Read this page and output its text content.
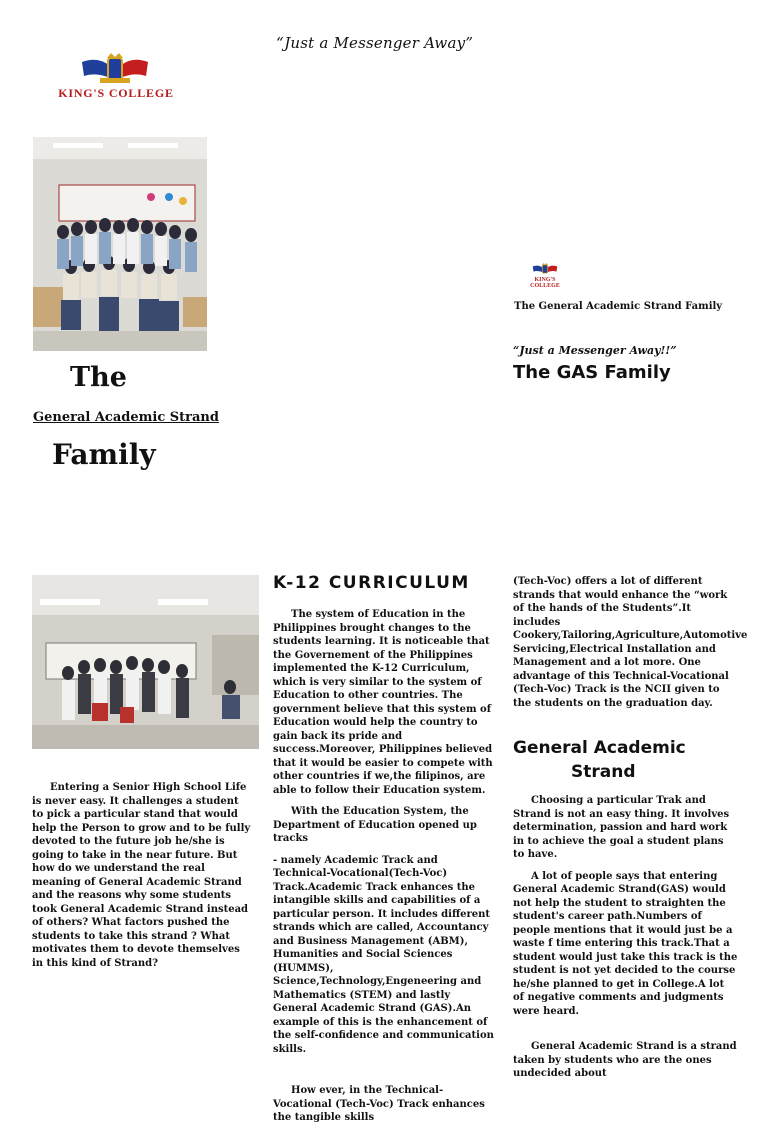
“Just a Messenger Away”
KING'S COLLEGE
The
General Academic Strand
Family
KING'S COLLEGE
The General Academic Strand Family
“Just a Messenger Away!!”
The GAS Family

Entering a Senior High School Life is never easy. It challenges a student to pick a particular stand that would help the Person to grow and to be fully devoted to the future job he/she is going to take in the near future. But how do we understand the real meaning of General Academic Strand and the reasons why some students took General Academic Strand instead of others? What factors pushed the students to take this strand ? What motivates them to devote themselves in this kind of Strand?

K-12 CURRICULUM

The system of Education in the Philippines brought changes to the students learning. It is noticeable that the Governement of the Philippines implemented the K-12 Curriculum, which is very similar to the system of Education to other countries. The government believe that this system of Education would help the country to gain back its pride and success.Moreover, Philippines believed that it would be easier to compete with other countries if we,the filipinos, are able to follow their Education system.

With the Education System, the Department of Education opened up tracks

- namely Academic Track and Technical-Vocational(Tech-Voc) Track.Academic Track enhances the intangible skills and capabilities of a particular person. It includes different strands which are called, Accountancy and Business Management (ABM), Humanities and Social Sciences (HUMMS), Science,Technology,Engeneering and Mathematics (STEM) and lastly General Academic Strand (GAS).An example of this is the enhancement of the self-confidence and communication skills.

How ever, in the Technical-Vocational (Tech-Voc) Track enhances the tangible skills

(Tech-Voc) offers a lot of different strands that would enhance the “work of the hands of the Students”.It includes Cookery,Tailoring,Agriculture,Automotive Servicing,Electrical Installation and Management and a lot more. One advantage of this Technical-Vocational (Tech-Voc) Track is the NCII given to the students on the graduation day.

General Academic
Strand

Choosing a particular Trak and Strand is not an easy thing. It involves determination, passion and hard work in to achieve the goal a student plans to have.

A lot of people says that entering General Academic Strand(GAS) would not help the student to straighten the student's career path.Numbers of people mentions that it would just be a waste f time entering this track.That a student would just take this track is the student is not yet decided to the course he/she planned to get in College.A lot of negative comments and judgments were heard.

General Academic Strand is a strand taken by students who are the ones undecided about
